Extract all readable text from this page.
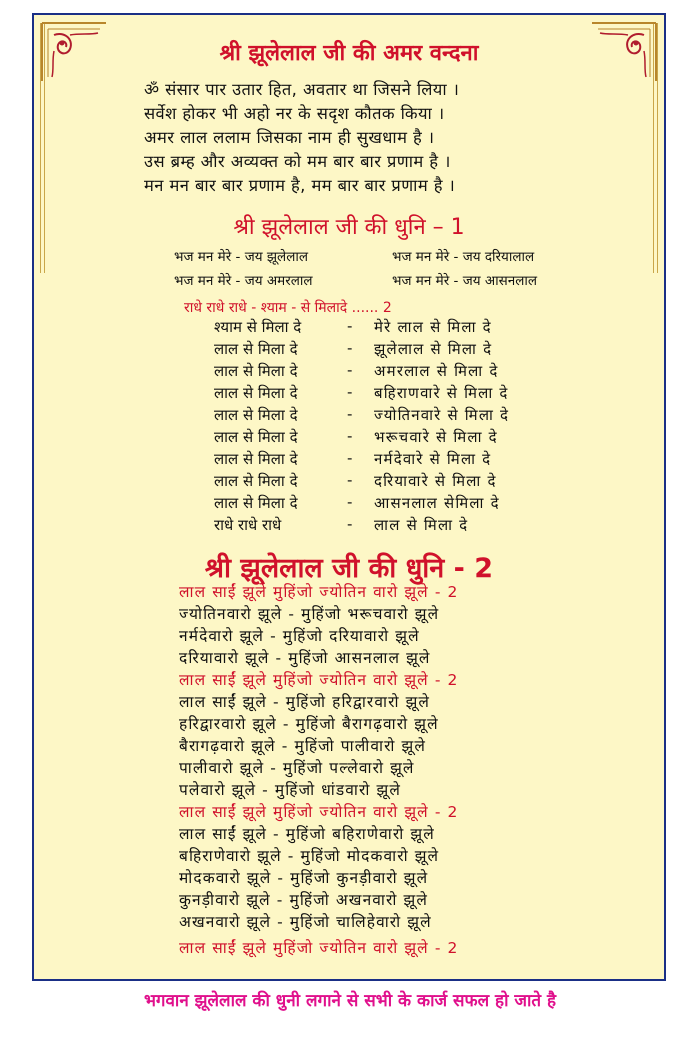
श्री झूलेलाल जी की अमर वन्दना
ॐ संसार पार उतार हित, अवतार था जिसने लिया ।
सर्वेश होकर भी अहो नर के सदृश कौतक किया ।
अमर लाल ललाम जिसका नाम ही सुखधाम है ।
उस ब्रम्ह और अव्यक्त को मम बार बार प्रणाम है ।
मन मन बार बार प्रणाम है, मम बार बार प्रणाम है ।
श्री झूलेलाल जी की धुनि – 1
भज मन मेरे - जय झूलेलाल	भज मन मेरे - जय दरियालाल
भज मन मेरे - जय अमरलाल	भज मन मेरे - जय आसनलाल
राधे राधे राधे - श्याम - से मिलादे ...... 2
श्याम से मिला दे	- मेरे लाल से मिला दे
लाल से मिला दे	- झूलेलाल से मिला दे
लाल से मिला दे	- अमरलाल से मिला दे
लाल से मिला दे	- बहिराणवारे से मिला दे
लाल से मिला दे	- ज्योतिनवारे से मिला दे
लाल से मिला दे	- भरूचवारे से मिला दे
लाल से मिला दे	- नर्मदेवारे से मिला दे
लाल से मिला दे	- दरियावारे से मिला दे
लाल से मिला दे	- आसनलाल सेमिला दे
राधे राधे राधे	- लाल से मिला दे
श्री झूलेलाल जी की धुनि - 2
लाल साईं झूले मुहिंजो ज्योतिन वारो झूले - 2
ज्योतिनवारो झूले - मुहिंजो भरूचवारो झूले
नर्मदेवारो झूले - मुहिंजो दरियावारो झूले
दरियावारो झूले - मुहिंजो आसनलाल झूले
लाल साईं झूले मुहिंजो ज्योतिन वारो झूले - 2
लाल साईं झूले - मुहिंजो हरिद्वारवारो झूले
हरिद्वारवारो झूले - मुहिंजो बैरागढ़वारो झूले
बैरागढ़वारो झूले - मुहिंजो पालीवारो झूले
पालीवारो झूले - मुहिंजो पल्लेवारो झूले
पलेवारो झूले - मुहिंजो धांडवारो झूले
लाल साईं झूले मुहिंजो ज्योतिन वारो झूले - 2
लाल साईं झूले - मुहिंजो बहिराणेवारो झूले
बहिराणेवारो झूले - मुहिंजो मोदकवारो झूले
मोदकवारो झूले - मुहिंजो कुनड़ीवारो झूले
कुनड़ीवारो झूले - मुहिंजो अखनवारो झूले
अखनवारो झूले - मुहिंजो चालिहेवारो झूले
लाल साईं झूले मुहिंजो ज्योतिन वारो झूले - 2
भगवान झूलेलाल की धुनी लगाने से सभी के कार्ज सफल हो जाते है
